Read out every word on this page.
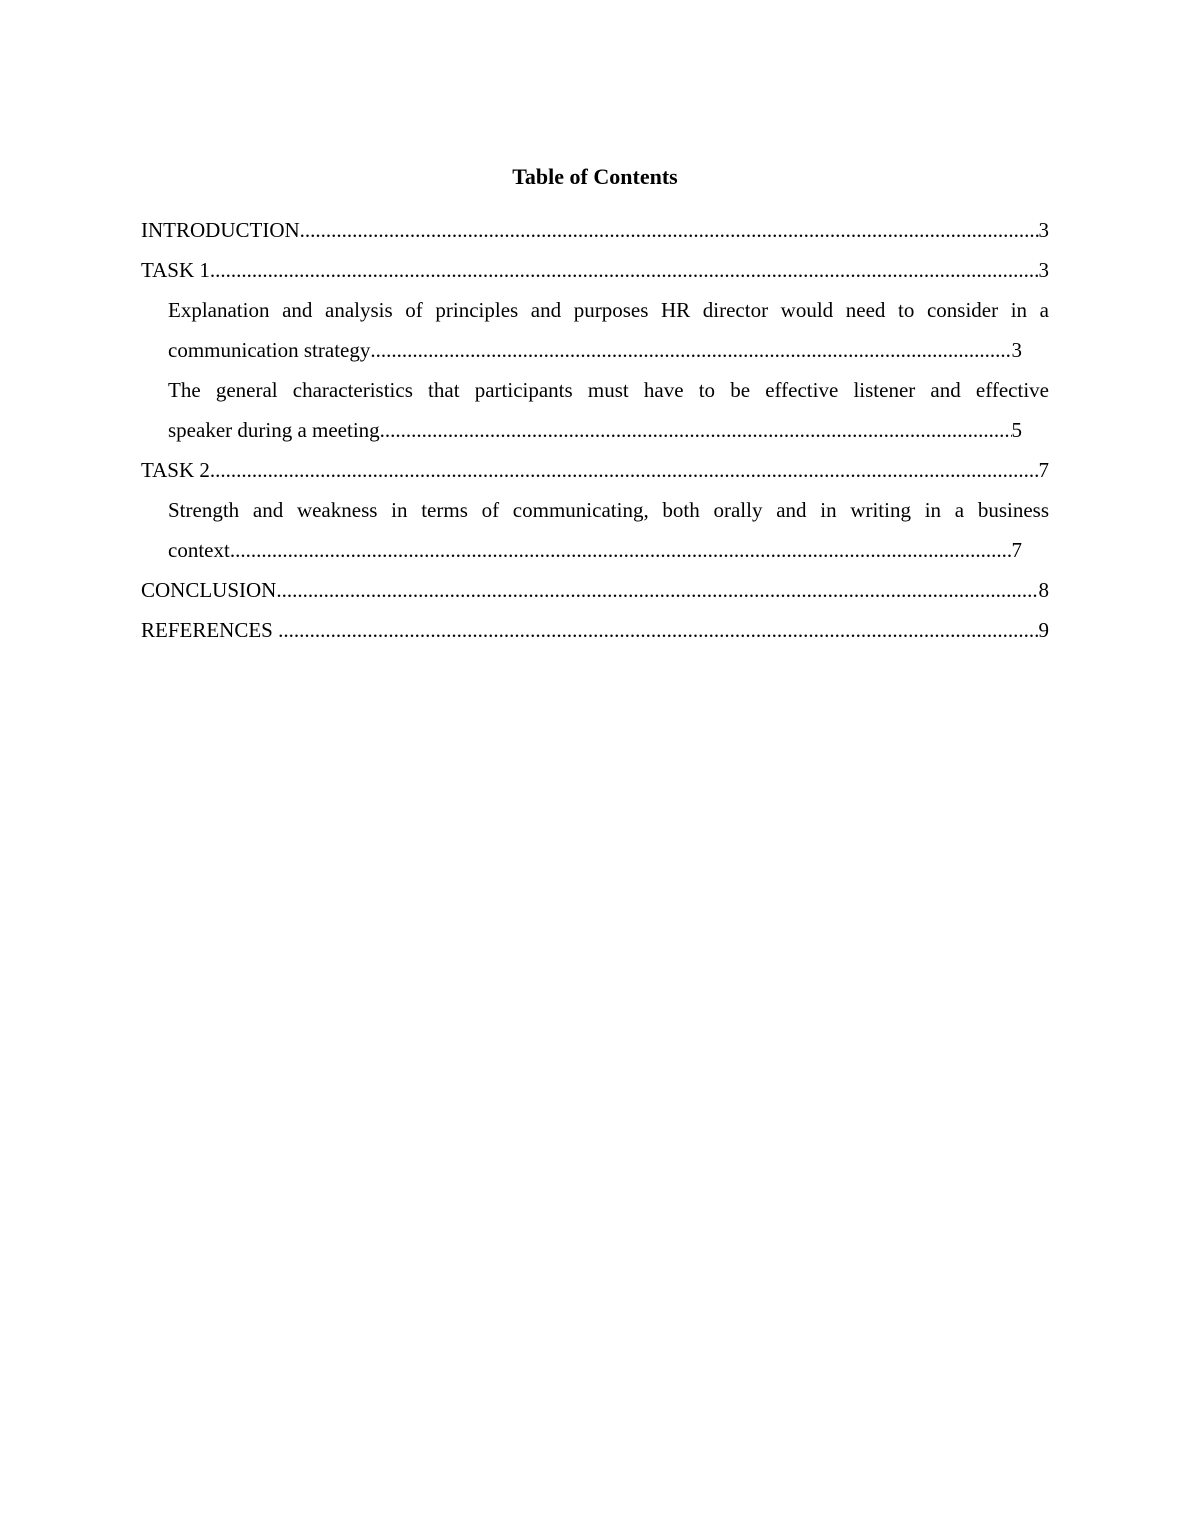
Table of Contents
INTRODUCTION .....	3
TASK 1 .....	3
Explanation and analysis of principles and purposes HR director would need to consider in a
communication strategy .....	3
The general characteristics that participants must have to be effective listener and effective
speaker during a meeting .....	5
TASK 2 .....	7
Strength and weakness in terms of communicating, both orally and in writing in a business
context .....	7
CONCLUSION .....	8
REFERENCES .....	9
